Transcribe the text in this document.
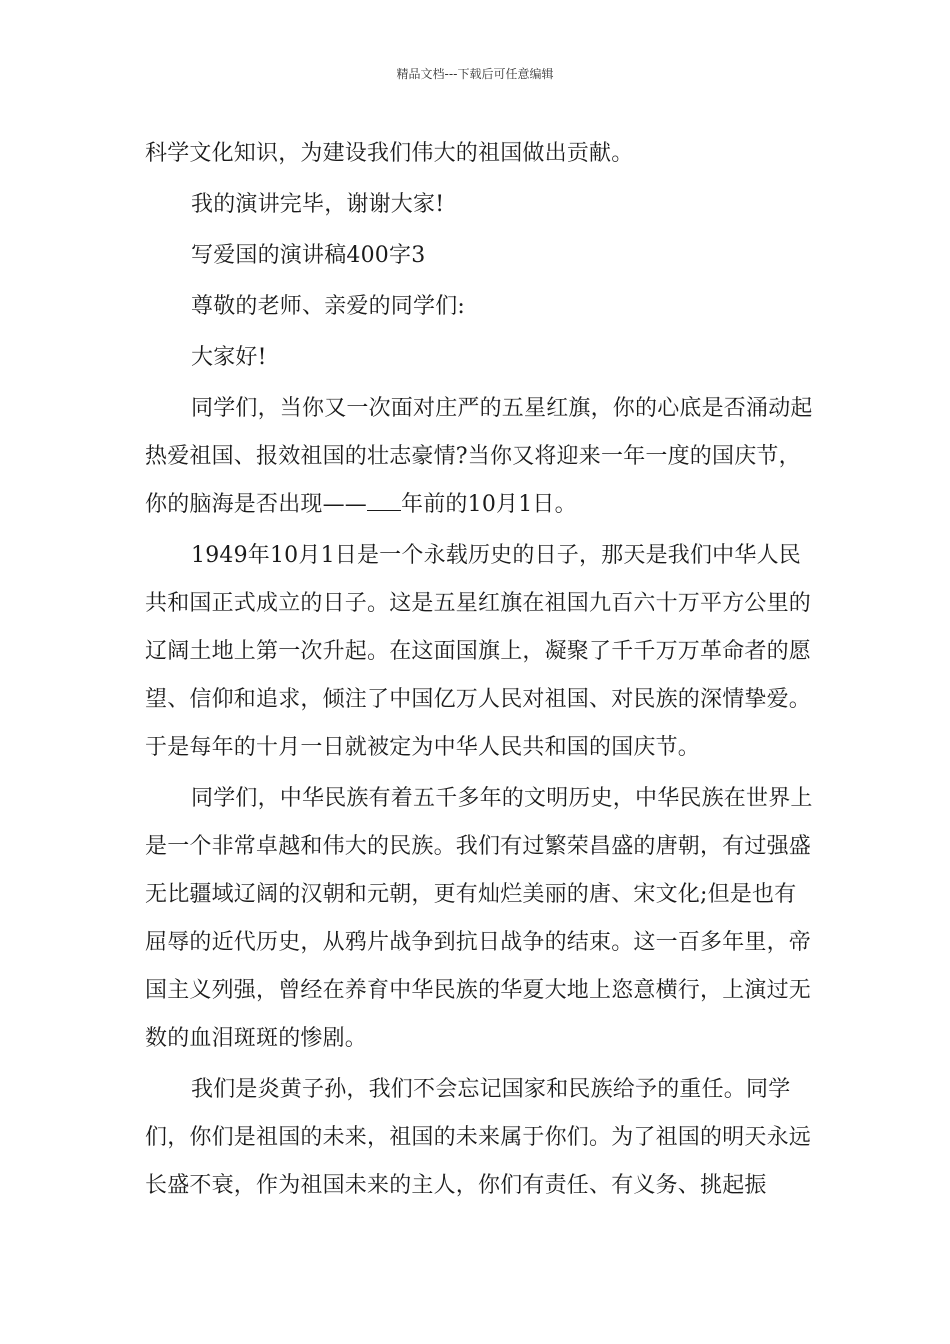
精品文档---下载后可任意编辑

科学文化知识，为建设我们伟大的祖国做出贡献。

我的演讲完毕，谢谢大家!

写爱国的演讲稿400字3

尊敬的老师、亲爱的同学们:

大家好!

同学们，当你又一次面对庄严的五星红旗，你的心底是否涌动起热爱祖国、报效祖国的壮志豪情?当你又将迎来一年一度的国庆节，你的脑海是否出现—— 年前的10月1日。

1949年10月1日是一个永载历史的日子，那天是我们中华人民共和国正式成立的日子。这是五星红旗在祖国九百六十万平方公里的辽阔土地上第一次升起。在这面国旗上，凝聚了千千万万革命者的愿望、信仰和追求，倾注了中国亿万人民对祖国、对民族的深情挚爱。于是每年的十月一日就被定为中华人民共和国的国庆节。

同学们，中华民族有着五千多年的文明历史，中华民族在世界上是一个非常卓越和伟大的民族。我们有过繁荣昌盛的唐朝，有过强盛无比疆域辽阔的汉朝和元朝，更有灿烂美丽的唐、宋文化;但是也有屈辱的近代历史，从鸦片战争到抗日战争的结束。这一百多年里，帝国主义列强，曾经在养育中华民族的华夏大地上恣意横行，上演过无数的血泪斑斑的惨剧。

我们是炎黄子孙，我们不会忘记国家和民族给予的重任。同学们，你们是祖国的未来，祖国的未来属于你们。为了祖国的明天永远长盛不衰，作为祖国未来的主人，你们有责任、有义务、挑起振
